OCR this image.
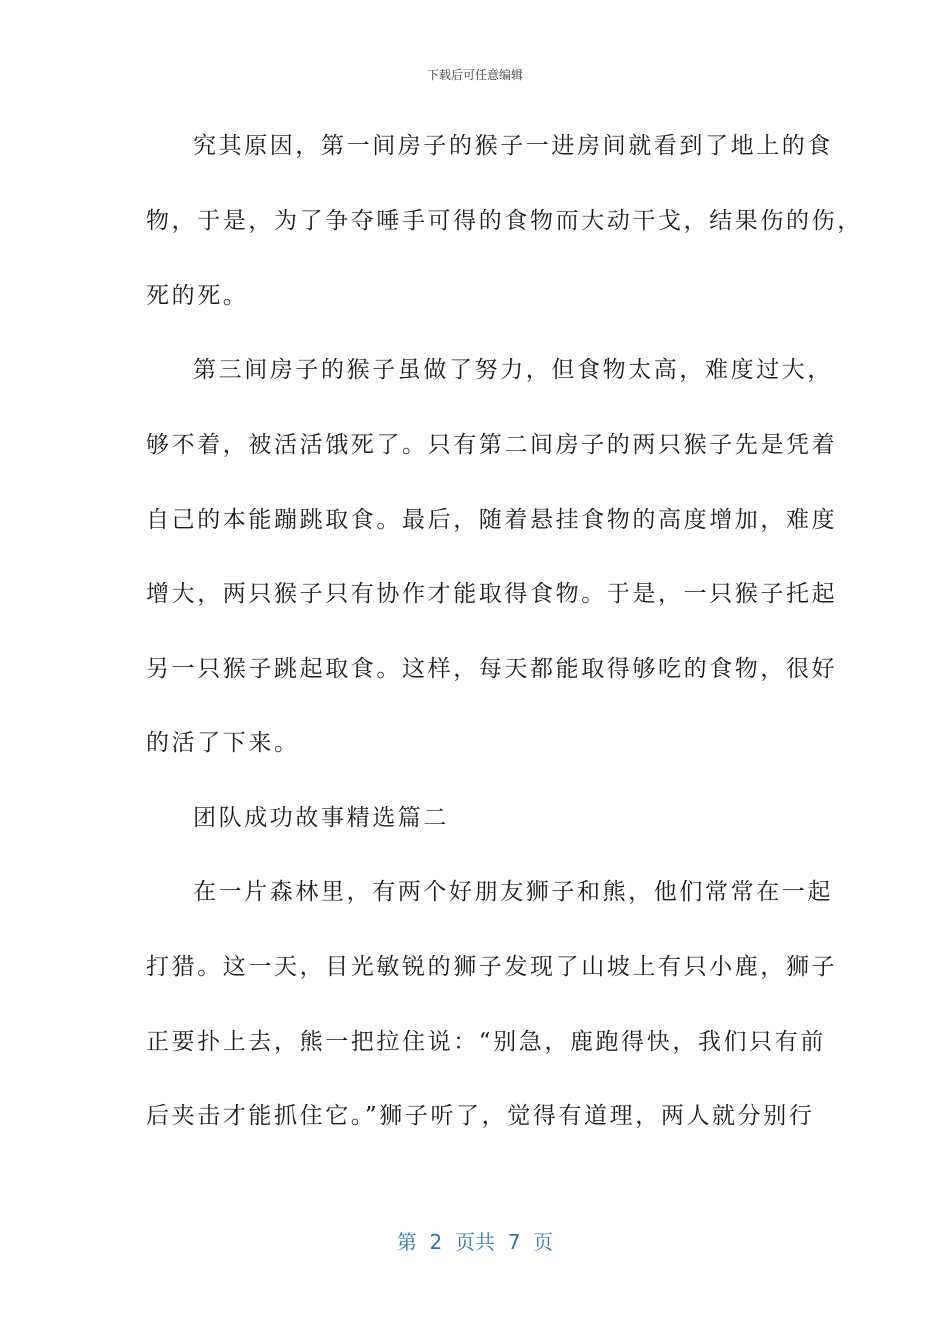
下载后可任意编辑
究其原因，第一间房子的猴子一进房间就看到了地上的食
物，于是，为了争夺唾手可得的食物而大动干戈，结果伤的伤，
死的死。
第三间房子的猴子虽做了努力，但食物太高，难度过大，
够不着，被活活饿死了。只有第二间房子的两只猴子先是凭着
自己的本能蹦跳取食。最后，随着悬挂食物的高度增加，难度
增大，两只猴子只有协作才能取得食物。于是，一只猴子托起
另一只猴子跳起取食。这样，每天都能取得够吃的食物，很好
的活了下来。
团队成功故事精选篇二
在一片森林里，有两个好朋友狮子和熊，他们常常在一起
打猎。这一天，目光敏锐的狮子发现了山坡上有只小鹿，狮子
正要扑上去，熊一把拉住说：“别急，鹿跑得快，我们只有前
后夹击才能抓住它。”狮子听了，觉得有道理，两人就分别行
第  2  页共  7  页
